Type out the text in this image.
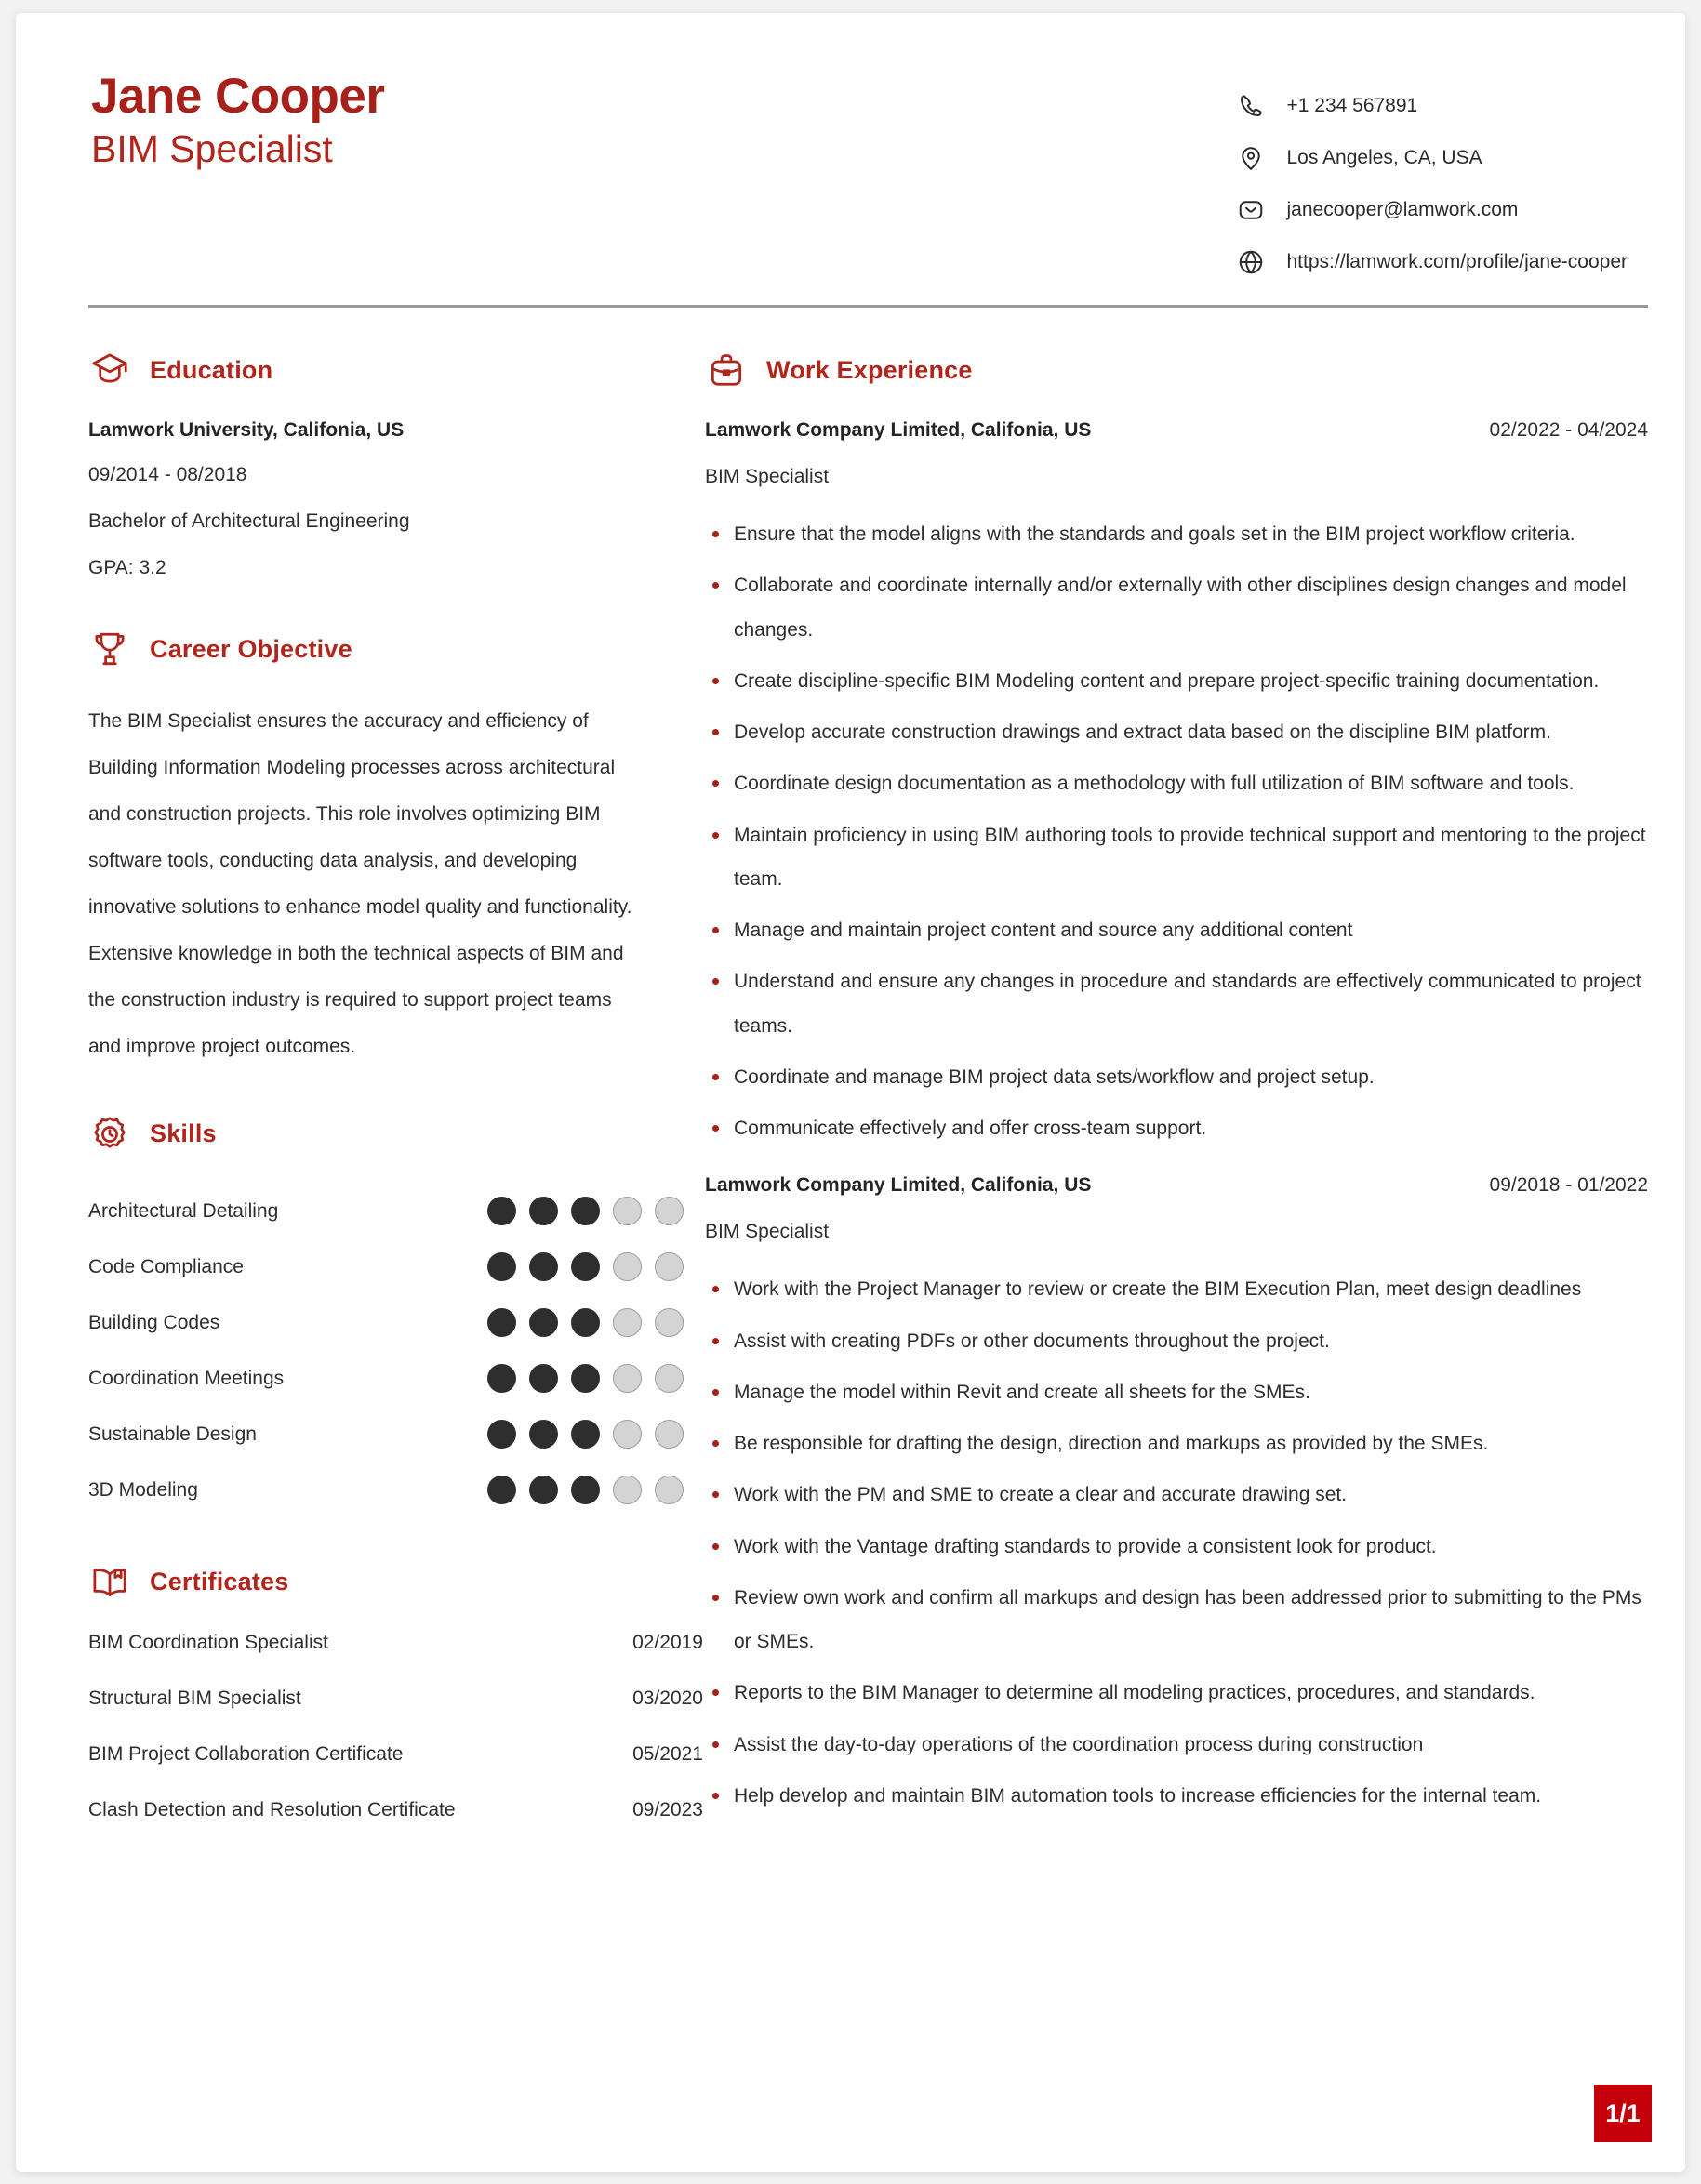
Jane Cooper
BIM Specialist
+1 234 567891
Los Angeles, CA, USA
janecooper@lamwork.com
https://lamwork.com/profile/jane-cooper
Education
Lamwork University, Califonia, US
09/2014 - 08/2018
Bachelor of Architectural Engineering
GPA: 3.2
Career Objective
The BIM Specialist ensures the accuracy and efficiency of Building Information Modeling processes across architectural and construction projects. This role involves optimizing BIM software tools, conducting data analysis, and developing innovative solutions to enhance model quality and functionality. Extensive knowledge in both the technical aspects of BIM and the construction industry is required to support project teams and improve project outcomes.
Skills
Architectural Detailing
Code Compliance
Building Codes
Coordination Meetings
Sustainable Design
3D Modeling
Certificates
BIM Coordination Specialist	02/2019
Structural BIM Specialist	03/2020
BIM Project Collaboration Certificate	05/2021
Clash Detection and Resolution Certificate	09/2023
Work Experience
Lamwork Company Limited, Califonia, US	02/2022 - 04/2024
BIM Specialist
Ensure that the model aligns with the standards and goals set in the BIM project workflow criteria.
Collaborate and coordinate internally and/or externally with other disciplines design changes and model changes.
Create discipline-specific BIM Modeling content and prepare project-specific training documentation.
Develop accurate construction drawings and extract data based on the discipline BIM platform.
Coordinate design documentation as a methodology with full utilization of BIM software and tools.
Maintain proficiency in using BIM authoring tools to provide technical support and mentoring to the project team.
Manage and maintain project content and source any additional content
Understand and ensure any changes in procedure and standards are effectively communicated to project teams.
Coordinate and manage BIM project data sets/workflow and project setup.
Communicate effectively and offer cross-team support.
Lamwork Company Limited, Califonia, US	09/2018 - 01/2022
BIM Specialist
Work with the Project Manager to review or create the BIM Execution Plan, meet design deadlines
Assist with creating PDFs or other documents throughout the project.
Manage the model within Revit and create all sheets for the SMEs.
Be responsible for drafting the design, direction and markups as provided by the SMEs.
Work with the PM and SME to create a clear and accurate drawing set.
Work with the Vantage drafting standards to provide a consistent look for product.
Review own work and confirm all markups and design has been addressed prior to submitting to the PMs or SMEs.
Reports to the BIM Manager to determine all modeling practices, procedures, and standards.
Assist the day-to-day operations of the coordination process during construction
Help develop and maintain BIM automation tools to increase efficiencies for the internal team.
1/1
